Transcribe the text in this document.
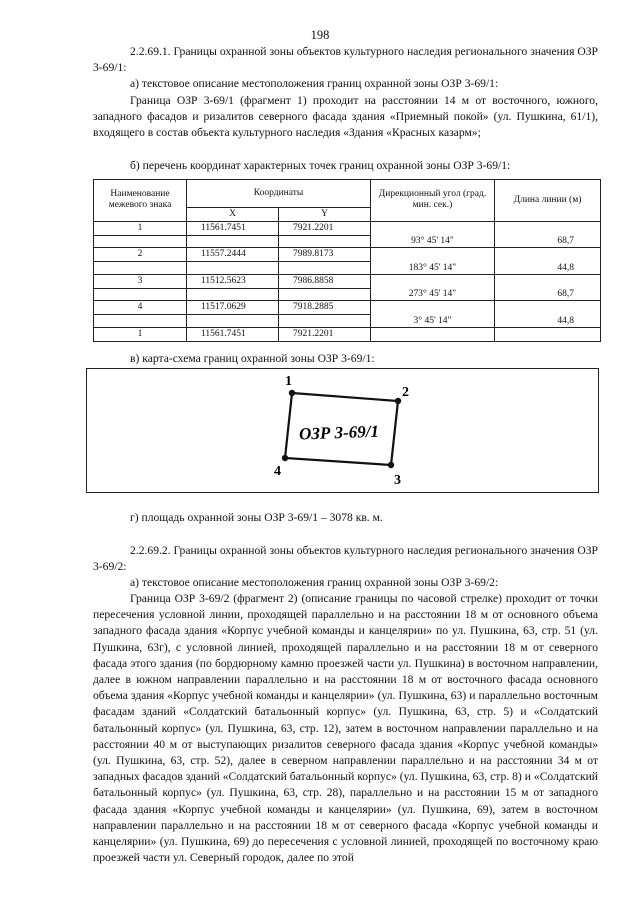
198

2.2.69.1. Границы охранной зоны объектов культурного наследия регионального значения ОЗР 3-69/1:

а) текстовое описание местоположения границ охранной зоны ОЗР 3-69/1:

Граница ОЗР 3-69/1 (фрагмент 1) проходит на расстоянии 14 м от восточного, южного, западного фасадов и ризалитов северного фасада здания «Приемный покой» (ул. Пушкина, 61/1), входящего в состав объекта культурного наследия «Здания «Красных казарм»;

б) перечень координат характерных точек границ охранной зоны ОЗР 3-69/1:

Наименование межевого знака	Координаты		Дирекционный угол (град. мин. сек.)	Длина линии (м)
	X	Y		
1	11561.7451	7921.2201	93° 45' 14"	68,7

2	11557.2444	7989.8173	183° 45' 14"	44,8

3	11512.5623	7986.8858	273° 45' 14"	68,7

4	11517.0629	7918.2885	3° 45' 14"	44,8

1	11561.7451	7921.2201		

в) карта-схема границ охранной зоны ОЗР 3-69/1:

1
2
3
4
ОЗР 3-69/1

г) площадь охранной зоны ОЗР 3-69/1 – 3078 кв. м.

2.2.69.2. Границы охранной зоны объектов культурного наследия регионального значения ОЗР 3-69/2:

а) текстовое описание местоположения границ охранной зоны ОЗР 3-69/2:

Граница ОЗР 3-69/2 (фрагмент 2) (описание границы по часовой стрелке) проходит от точки пересечения условной линии, проходящей параллельно и на расстоянии 18 м от основного объема западного фасада здания «Корпус учебной команды и канцелярии» по ул. Пушкина, 63, стр. 51 (ул. Пушкина, 63г), с условной линией, проходящей параллельно и на расстоянии 18 м от северного фасада этого здания (по бордюрному камню проезжей части ул. Пушкина) в восточном направлении, далее в южном направлении параллельно и на расстоянии 18 м от восточного фасада основного объема здания «Корпус учебной команды и канцелярии» (ул. Пушкина, 63) и параллельно восточным фасадам зданий «Солдатский батальонный корпус» (ул. Пушкина, 63, стр. 5) и «Солдатский батальонный корпус» (ул. Пушкина, 63, стр. 12), затем в восточном направлении параллельно и на расстоянии 40 м от выступающих ризалитов северного фасада здания «Корпус учебной команды» (ул. Пушкина, 63, стр. 52), далее в северном направлении параллельно и на расстоянии 34 м от западных фасадов зданий «Солдатский батальонный корпус» (ул. Пушкина, 63, стр. 8) и «Солдатский батальонный корпус» (ул. Пушкина, 63, стр. 28), параллельно и на расстоянии 15 м от западного фасада здания «Корпус учебной команды и канцелярии» (ул. Пушкина, 69), затем в восточном направлении параллельно и на расстоянии 18 м от северного фасада «Корпус учебной команды и канцелярии» (ул. Пушкина, 69) до пересечения с условной линией, проходящей по восточному краю проезжей части ул. Северный городок, далее по этой
